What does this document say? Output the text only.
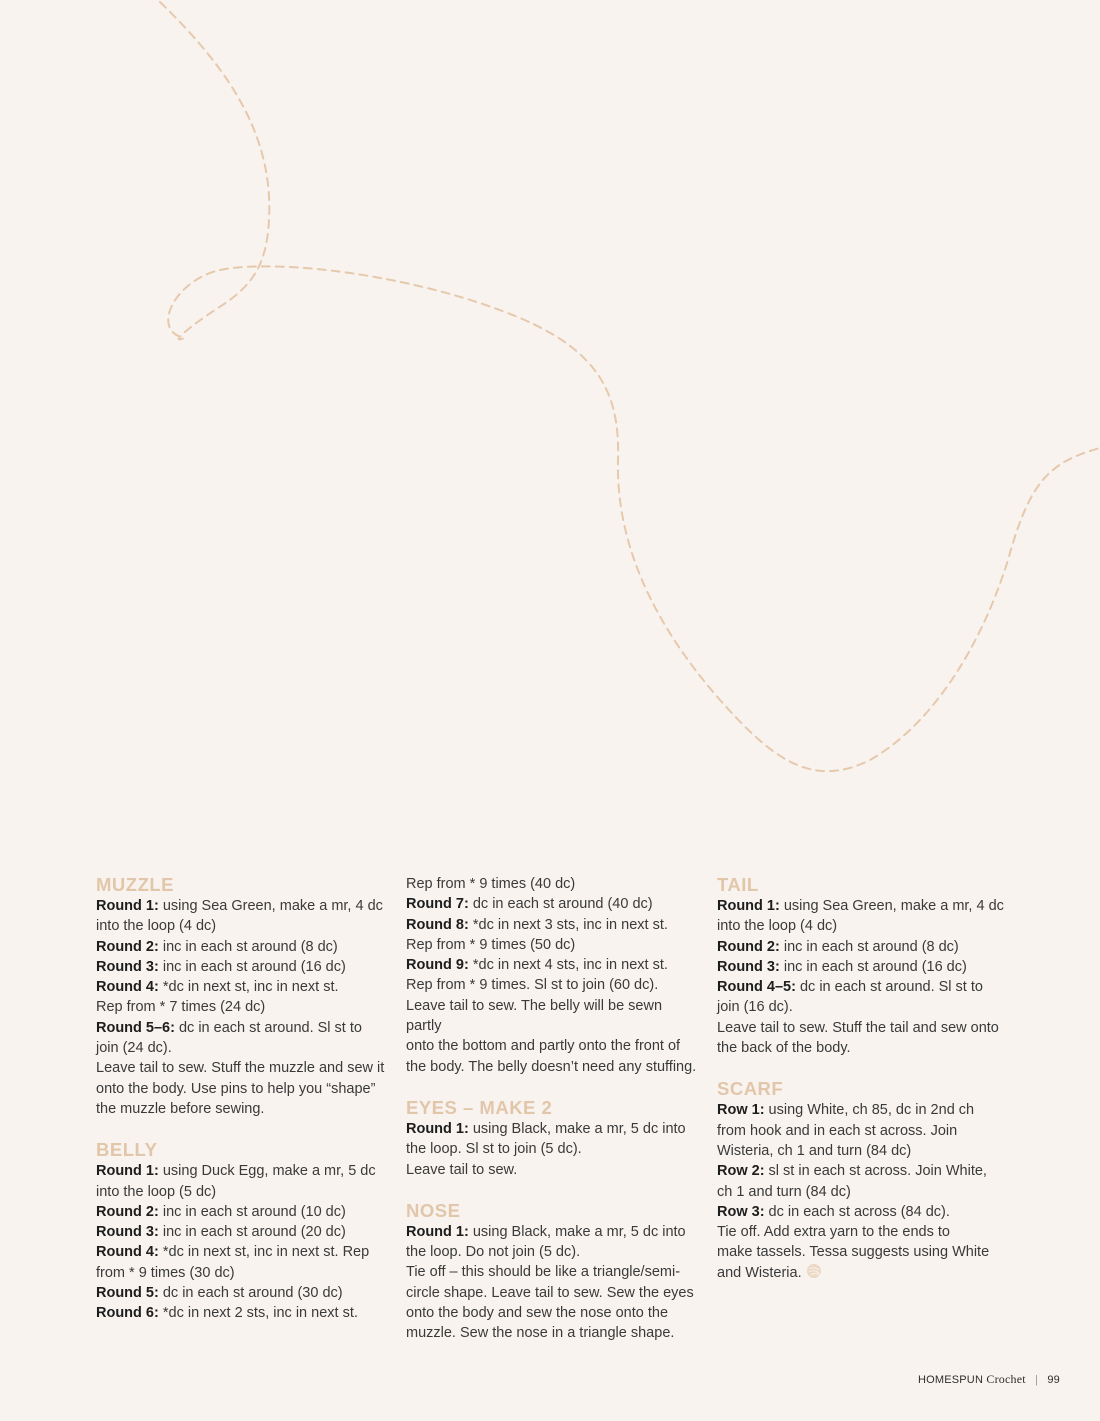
MUZZLE
Round 1: using Sea Green, make a mr, 4 dc
into the loop (4 dc)
Round 2: inc in each st around (8 dc)
Round 3: inc in each st around (16 dc)
Round 4: *dc in next st, inc in next st.
Rep from * 7 times (24 dc)
Round 5–6: dc in each st around. Sl st to
join (24 dc).
Leave tail to sew. Stuff the muzzle and sew it
onto the body. Use pins to help you “shape”
the muzzle before sewing.
BELLY
Round 1: using Duck Egg, make a mr, 5 dc
into the loop (5 dc)
Round 2: inc in each st around (10 dc)
Round 3: inc in each st around (20 dc)
Round 4: *dc in next st, inc in next st. Rep
from * 9 times (30 dc)
Round 5: dc in each st around (30 dc)
Round 6: *dc in next 2 sts, inc in next st.
Rep from * 9 times (40 dc)
Round 7: dc in each st around (40 dc)
Round 8: *dc in next 3 sts, inc in next st.
Rep from * 9 times (50 dc)
Round 9: *dc in next 4 sts, inc in next st.
Rep from * 9 times. Sl st to join (60 dc).
Leave tail to sew. The belly will be sewn partly
onto the bottom and partly onto the front of
the body. The belly doesn’t need any stuffing.
EYES – MAKE 2
Round 1: using Black, make a mr, 5 dc into
the loop. Sl st to join (5 dc).
Leave tail to sew.
NOSE
Round 1: using Black, make a mr, 5 dc into
the loop. Do not join (5 dc).
Tie off – this should be like a triangle/semi-
circle shape. Leave tail to sew. Sew the eyes
onto the body and sew the nose onto the
muzzle. Sew the nose in a triangle shape.
TAIL
Round 1: using Sea Green, make a mr, 4 dc
into the loop (4 dc)
Round 2: inc in each st around (8 dc)
Round 3: inc in each st around (16 dc)
Round 4–5: dc in each st around. Sl st to
join (16 dc).
Leave tail to sew. Stuff the tail and sew onto
the back of the body.
SCARF
Row 1: using White, ch 85, dc in 2nd ch
from hook and in each st across. Join
Wisteria, ch 1 and turn (84 dc)
Row 2: sl st in each st across. Join White,
ch 1 and turn (84 dc)
Row 3: dc in each st across (84 dc).
Tie off. Add extra yarn to the ends to
make tassels. Tessa suggests using White
and Wisteria.
HOMESPUN Crochet | 99
